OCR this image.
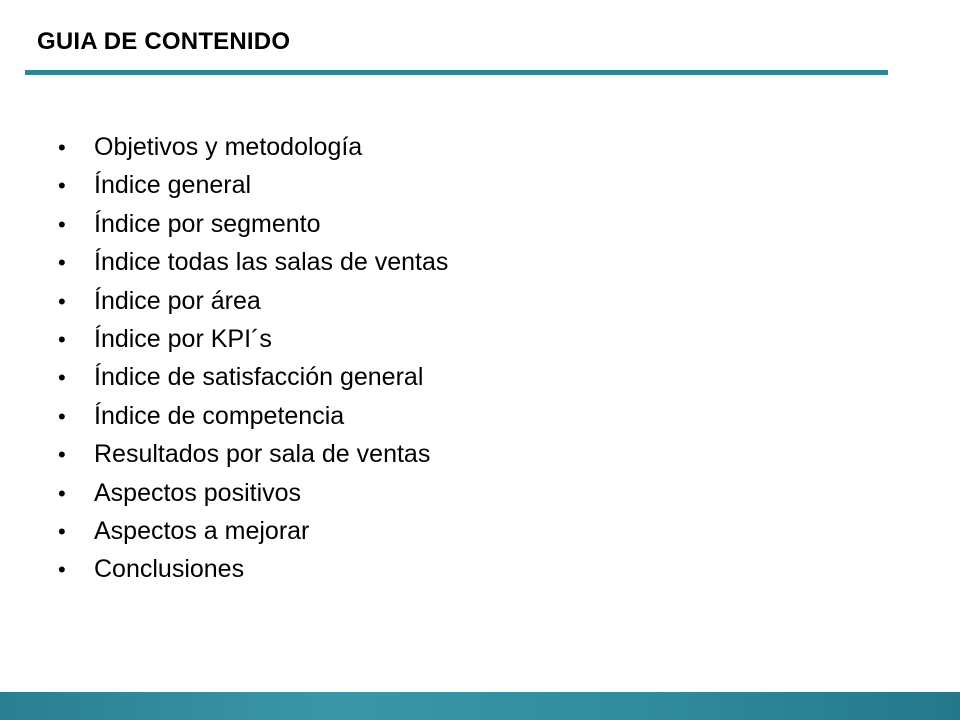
GUIA DE CONTENIDO
• Objetivos y metodología
• Índice general
• Índice por segmento
• Índice todas las salas de ventas
• Índice por área
• Índice por KPI´s
• Índice de satisfacción general
• Índice de competencia
• Resultados por sala de ventas
• Aspectos positivos
• Aspectos a mejorar
• Conclusiones
